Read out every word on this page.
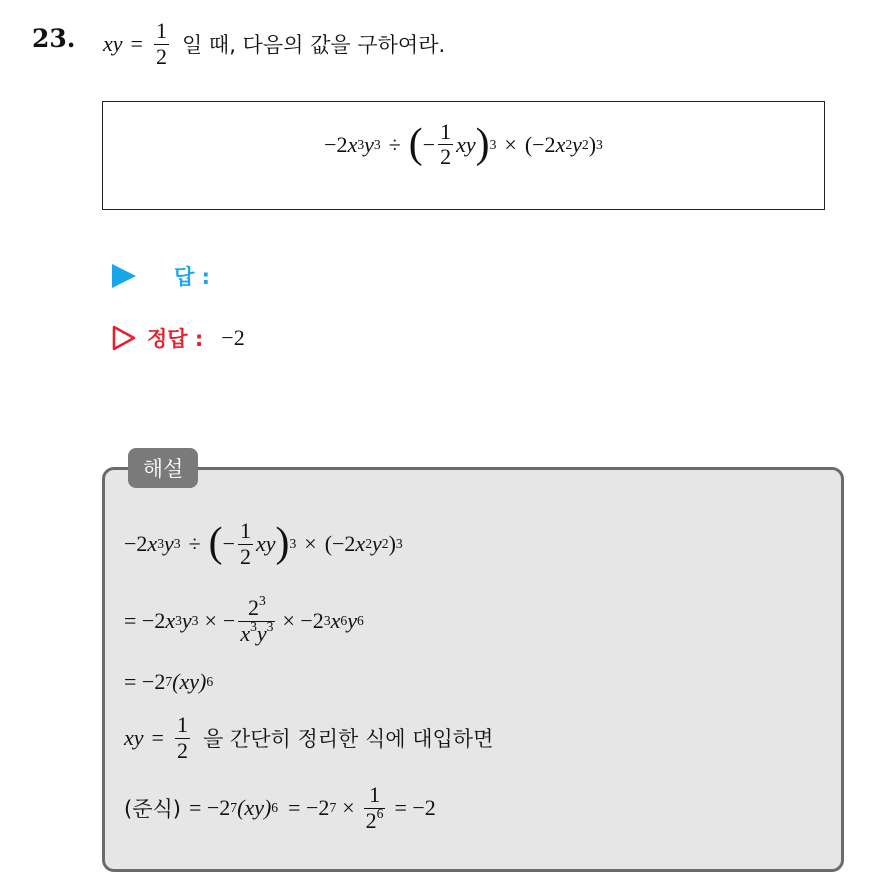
23. xy = $\frac{1}{2}$ 일 때, 다음의 값을 구하여라.
−2 x 3 y 3 ÷ ( − $\frac{1}{2}$ xy ) 3 × (−2 x 2 y 2 ) 3
답 :
정답 : −2
해설
−2 x 3 y 3 ÷ ( − $\frac{1}{2}$ xy ) 3 × (−2 x 2 y 2 ) 3
= −2 x 3 y 3 × − $\frac{2^3}{x^3y^3} \times -2$ 3 x 6 y 6
= −2 7 (xy) 6
xy = $\frac{1}{2}$ 을 간단히 정리한 식에 대입하면
(준식) = −2 7 (xy) 6 = −2 $7 \times \frac{1}{2^6} = -2$
